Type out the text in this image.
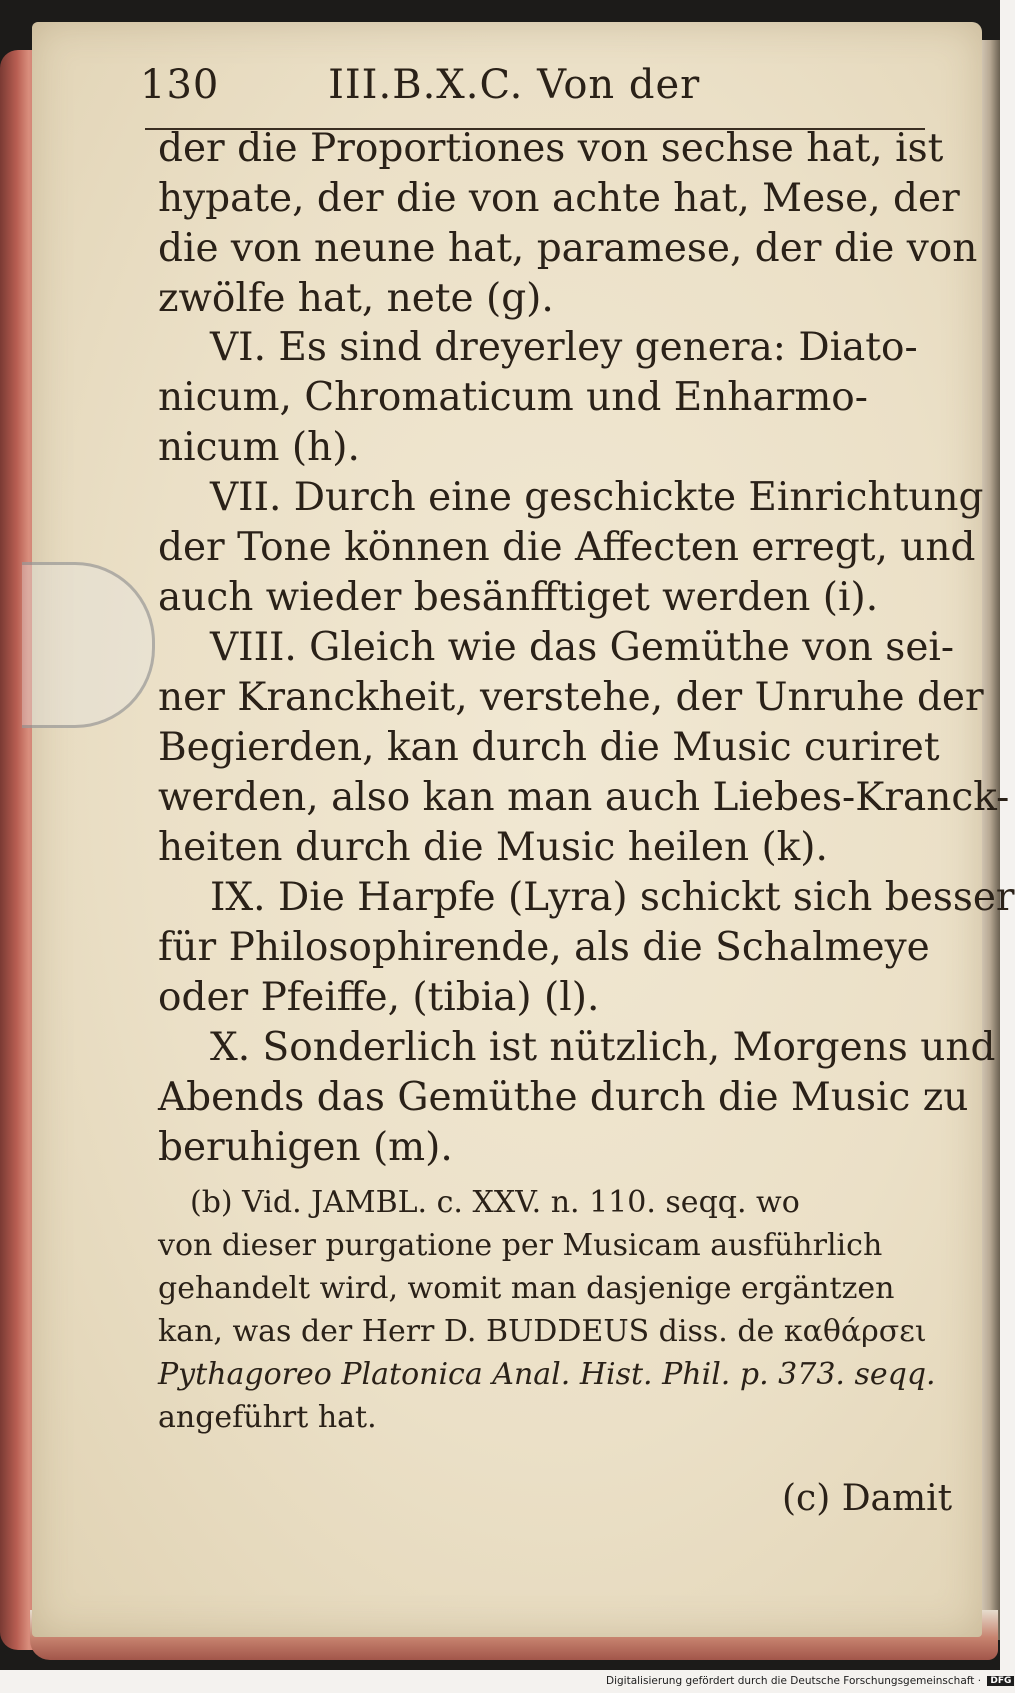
130	III.B.X.C. Von der
der die Proportiones von sechse hat, ist
hypate, der die von achte hat, Mese, der
die von neune hat, paramese, der die von
zwölfe hat, nete (g).
VI. Es sind dreyerley genera: Diato-
nicum, Chromaticum und Enharmo-
nicum (h).
VII. Durch eine geschickte Einrichtung
der Tone können die Affecten erregt, und
auch wieder besänfftiget werden (i).
VIII. Gleich wie das Gemüthe von sei-
ner Kranckheit, verstehe, der Unruhe der
Begierden, kan durch die Music curiret
werden, also kan man auch Liebes-Kranck-
heiten durch die Music heilen (k).
IX. Die Harpfe (Lyra) schickt sich besser
für Philosophirende, als die Schalmeye
oder Pfeiffe, (tibia) (l).
X. Sonderlich ist nützlich, Morgens und
Abends das Gemüthe durch die Music zu
beruhigen (m).
(b) Vid. JAMBL. c. XXV. n. 110. seqq. wo
von dieser purgatione per Musicam ausführlich
gehandelt wird, womit man dasjenige ergäntzen
kan, was der Herr D. BUDDEUS diss. de καθάρσει
Pythagoreo Platonica Anal. Hist. Phil. p. 373. seqq.
angeführt hat.
(c) Damit
Digitalisierung gefördert durch die Deutsche Forschungsgemeinschaft · DFG
